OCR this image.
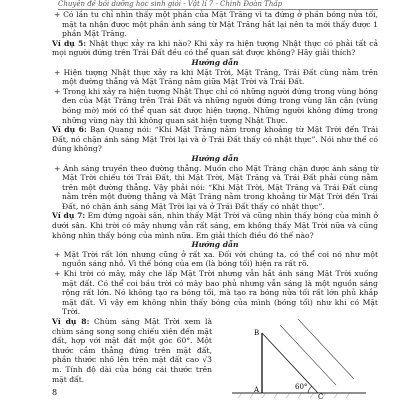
Chuyên đề bồi dưỡng học sinh giỏi - Vật lí 7 - Chinh Đoàn Thấp

+ Có lần tu chỉ nhìn thấy một phần của Mặt Trăng vì ta đứng ở phần bóng nửa tối, mặt ta nhận được một phần ánh sáng từ Mặt Trăng hắt lại nên ta mới thấy được 1 phần Mặt Trăng.

Ví dụ 5: Nhật thực xảy ra khi nào? Khi xảy ra hiện tượng Nhật thực có phải tất cả mọi người đứng trên Trái Đất đều có thể quan sát được không? Hãy giải thích?

Hướng dẫn

+ Hiện tượng Nhật thực xảy ra khi Mặt Trời, Mặt Trăng, Trái Đất cùng nằm trên một đường thẳng và Mặt Trăng nằm giữa Mặt Trời và Trái Đất.

+ Trong khi xảy ra hiện tượng Nhật Thực chỉ có những người đứng trong vùng bóng đen của Mặt Trăng trên Trái Đất và những người đứng trong vùng lân cận (vùng bóng mờ) mới có thể quan sát được hiện tượng. Những người không đứng trong những vùng này thì không quan sát hiện tượng Nhật Thực.

Ví dụ 6: Bạn Quang nói: “Khi Mặt Trăng nằm trong khoảng từ Mặt Trời đến Trái Đất, nó chặn ánh sáng Mặt Trời lại và ở Trái Đất thấy có nhật thực”. Nói như thế có đúng không?

Hướng dẫn

+ Ánh sáng truyền theo đường thẳng. Muốn cho Mặt Trăng chặn được ánh sáng từ Mặt Trời chiếu tới Trái Đất, thì Mặt Trời, Mặt Trăng và Trái Đất phải cùng nằm trên một đường thẳng. Vậy phải nói: “Khi Mặt Trời, Mặt Trăng và Trái Đất cùng nằm trên một đường thẳng và Mặt Trăng nằm trong khoảng từ Mặt Trời đến Trái Đất, nó chặn ánh sáng Mặt Trời lại và ở Trái Đất thấy có nhật thực”.

Ví dụ 7: Em đứng ngoài sân, nhìn thấy Mặt Trời và cũng nhìn thấy bóng của mình ở dưới sân. Khi trời có mây nhưng vẫn rất sáng, em không thấy Mặt Trời nữa và cũng không nhìn thấy bóng của mình nữa. Em giải thích điều đó thế nào?

Hướng dẫn

+ Mặt Trời rất lớn nhưng cũng ở rất xa. Đối với chúng ta, có thể coi nó như một nguồn sáng nhỏ. Vì thế bóng của em (là bóng tối) hiện ra rất rõ.

+ Khi trời có mây, mây che lấp Mặt Trời nhưng vẫn hắt ánh sáng Mặt Trời xuống mặt đất. Có thể coi bầu trời có mây bao phủ nhưng vẫn sáng là một nguồn sáng rộng rất lớn. Nó không tạo ra bóng tối, mà tạo ra bóng nửa tối rất lớn phủ khắp mặt đất. Vì vậy em không nhìn thấy bóng của mình (bóng tối) như khi có Mặt Trời.

Ví dụ 8: Chùm sáng Mặt Trời xem là chùm sáng song song chiếu xiên đến mặt đất, hợp với mặt đất một góc 60°. Một thước cắm thẳng đứng trên mặt đất, phần thước nhô lên trên mặt đất cao √3 m. Tính độ dài của bóng cái thước trên mặt đất.

B
A
C
60°
8
